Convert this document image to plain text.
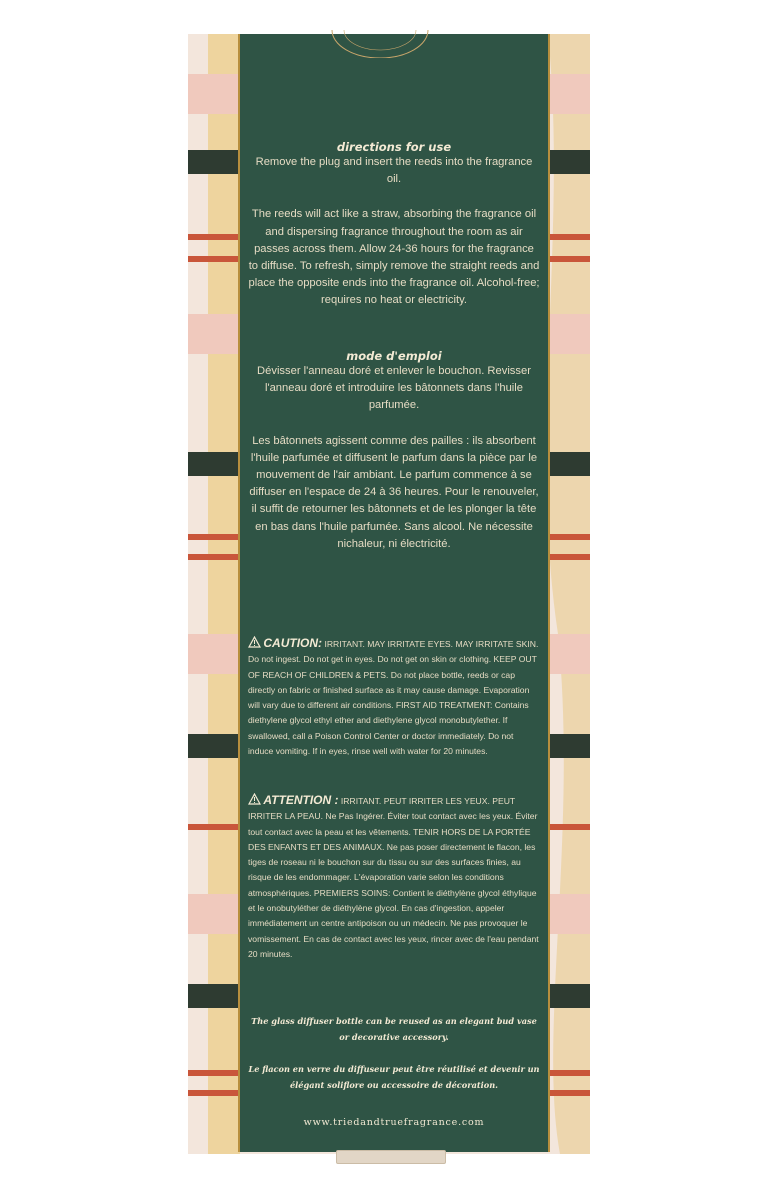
directions for use
Remove the plug and insert the reeds into the fragrance oil.
The reeds will act like a straw, absorbing the fragrance oil and dispersing fragrance throughout the room as air passes across them. Allow 24-36 hours for the fragrance to diffuse. To refresh, simply remove the straight reeds and place the opposite ends into the fragrance oil. Alcohol-free; requires no heat or electricity.
mode d'emploi
Dévisser l'anneau doré et enlever le bouchon. Revisser l'anneau doré et introduire les bâtonnets dans l'huile parfumée.
Les bâtonnets agissent comme des pailles : ils absorbent l'huile parfumée et diffusent le parfum dans la pièce par le mouvement de l'air ambiant. Le parfum commence à se diffuser en l'espace de 24 à 36 heures. Pour le renouveler, il suffit de retourner les bâtonnets et de les plonger la tête en bas dans l'huile parfumée. Sans alcool. Ne nécessite nichaleur, ni électricité.
CAUTION: IRRITANT. MAY IRRITATE EYES. MAY IRRITATE SKIN. Do not ingest. Do not get in eyes. Do not get on skin or clothing. KEEP OUT OF REACH OF CHILDREN & PETS. Do not place bottle, reeds or cap directly on fabric or finished surface as it may cause damage. Evaporation will vary due to different air conditions. FIRST AID TREATMENT: Contains diethylene glycol ethyl ether and diethylene glycol monobutylether. If swallowed, call a Poison Control Center or doctor immediately. Do not induce vomiting. If in eyes, rinse well with water for 20 minutes.
ATTENTION : IRRITANT. PEUT IRRITER LES YEUX. PEUT IRRITER LA PEAU. Ne Pas Ingérer. Éviter tout contact avec les yeux. Éviter tout contact avec la peau et les vêtements. TENIR HORS DE LA PORTÉE DES ENFANTS ET DES ANIMAUX. Ne pas poser directement le flacon, les tiges de roseau ni le bouchon sur du tissu ou sur des surfaces finies, au risque de les endommager. L'évaporation varie selon les conditions atmosphériques. PREMIERS SOINS: Contient le diéthylène glycol éthylique et le onobutyléther de diéthylène glycol. En cas d'ingestion, appeler immédiatement un centre antipoison ou un médecin. Ne pas provoquer le vomissement. En cas de contact avec les yeux, rincer avec de l'eau pendant 20 minutes.
The glass diffuser bottle can be reused as an elegant bud vase or decorative accessory.
Le flacon en verre du diffuseur peut être réutilisé et devenir un élégant soliflore ou accessoire de décoration.
www.triedandtruefragrance.com
